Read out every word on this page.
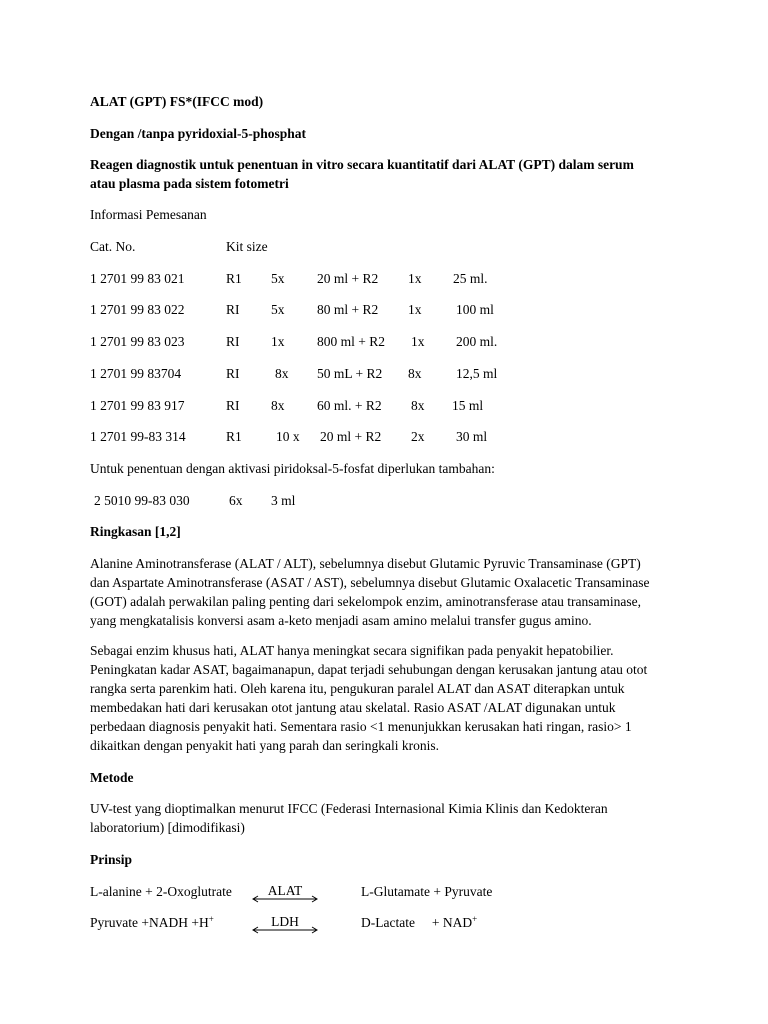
ALAT (GPT) FS*(IFCC mod)
Dengan /tanpa pyridoxial-5-phosphat
Reagen diagnostik untuk penentuan in vitro secara kuantitatif dari ALAT (GPT) dalam serum
atau plasma pada sistem fotometri
Informasi Pemesanan
Cat. No.	Kit size
1 2701 99 83 021	R1 5x 20 ml + R2 1x 25 ml.
1 2701 99 83 022	RI 5x 80 ml + R2 1x	100 ml
1 2701 99 83 023	RI 1x 800 ml + R2 1x 200 ml.
1 2701 99 83704	RI	8x 50 mL + R2 8x	12,5 ml
1 2701 99 83 917	RI 8x 60 ml. + R2 8x 15 ml
1 2701 99-83 314	R1	10 x 20 ml + R2 2x 30 ml
Untuk penentuan dengan aktivasi piridoksal-5-fosfat diperlukan tambahan:
2 5010 99-83 030	6x 3 ml
Ringkasan [1,2]
Alanine Aminotransferase (ALAT / ALT), sebelumnya disebut Glutamic Pyruvic Transaminase (GPT)
dan Aspartate Aminotransferase (ASAT / AST), sebelumnya disebut Glutamic Oxalacetic Transaminase
(GOT) adalah perwakilan paling penting dari sekelompok enzim, aminotransferase atau transaminase,
yang mengkatalisis konversi asam a-keto menjadi asam amino melalui transfer gugus amino.
Sebagai enzim khusus hati, ALAT hanya meningkat secara signifikan pada penyakit hepatobilier.
Peningkatan kadar ASAT, bagaimanapun, dapat terjadi sehubungan dengan kerusakan jantung atau otot
rangka serta parenkim hati. Oleh karena itu, pengukuran paralel ALAT dan ASAT diterapkan untuk
membedakan hati dari kerusakan otot jantung atau skelatal. Rasio ASAT /ALAT digunakan untuk
perbedaan diagnosis penyakit hati. Sementara rasio <1 menunjukkan kerusakan hati ringan, rasio> 1
dikaitkan dengan penyakit hati yang parah dan seringkali kronis.
Metode
UV-test yang dioptimalkan menurut IFCC (Federasi Internasional Kimia Klinis dan Kedokteran
laboratorium) [dimodifikasi)
Prinsip
L-alanine + 2-Oxoglutrate	ALAT	L-Glutamate + Pyruvate
Pyruvate +NADH +H+	LDH	D-Lactate     + NAD+
